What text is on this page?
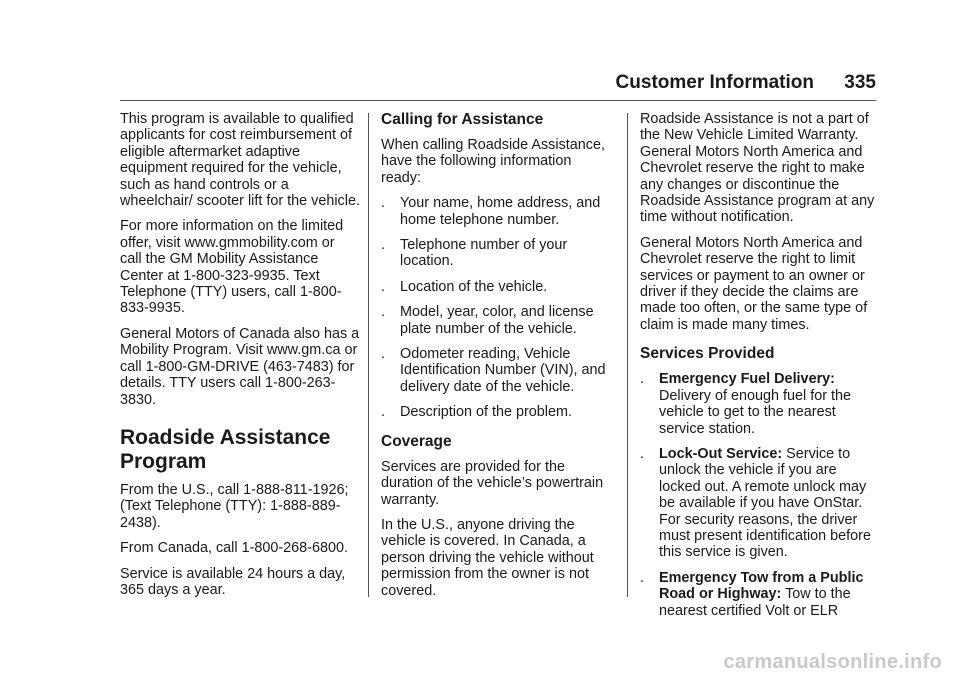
Customer Information 335

This program is available to qualified applicants for cost reimbursement of eligible aftermarket adaptive equipment required for the vehicle, such as hand controls or a wheelchair/ scooter lift for the vehicle.

For more information on the limited offer, visit www.gmmobility.com or call the GM Mobility Assistance Center at 1-800-323-9935. Text Telephone (TTY) users, call 1-800-833-9935.

General Motors of Canada also has a Mobility Program. Visit www.gm.ca or call 1-800-GM-DRIVE (463-7483) for details. TTY users call 1-800-263-3830.

Roadside Assistance Program

From the U.S., call 1-888-811-1926; (Text Telephone (TTY): 1-888-889-2438).

From Canada, call 1-800-268-6800.

Service is available 24 hours a day, 365 days a year.

Calling for Assistance

When calling Roadside Assistance, have the following information ready:

.	Your name, home address, and home telephone number.
.	Telephone number of your location.
.	Location of the vehicle.
.	Model, year, color, and license plate number of the vehicle.
.	Odometer reading, Vehicle Identification Number (VIN), and delivery date of the vehicle.
.	Description of the problem.
Coverage

Services are provided for the duration of the vehicle’s powertrain warranty.

In the U.S., anyone driving the vehicle is covered. In Canada, a person driving the vehicle without permission from the owner is not covered.

Roadside Assistance is not a part of the New Vehicle Limited Warranty. General Motors North America and Chevrolet reserve the right to make any changes or discontinue the Roadside Assistance program at any time without notification.

General Motors North America and Chevrolet reserve the right to limit services or payment to an owner or driver if they decide the claims are made too often, or the same type of claim is made many times.

Services Provided
.	Emergency Fuel Delivery: Delivery of enough fuel for the vehicle to get to the nearest service station.
.	Lock-Out Service: Service to unlock the vehicle if you are locked out. A remote unlock may be available if you have OnStar. For security reasons, the driver must present identification before this service is given.
.	Emergency Tow from a Public Road or Highway: Tow to the nearest certified Volt or ELR
carmanualsonline.info
